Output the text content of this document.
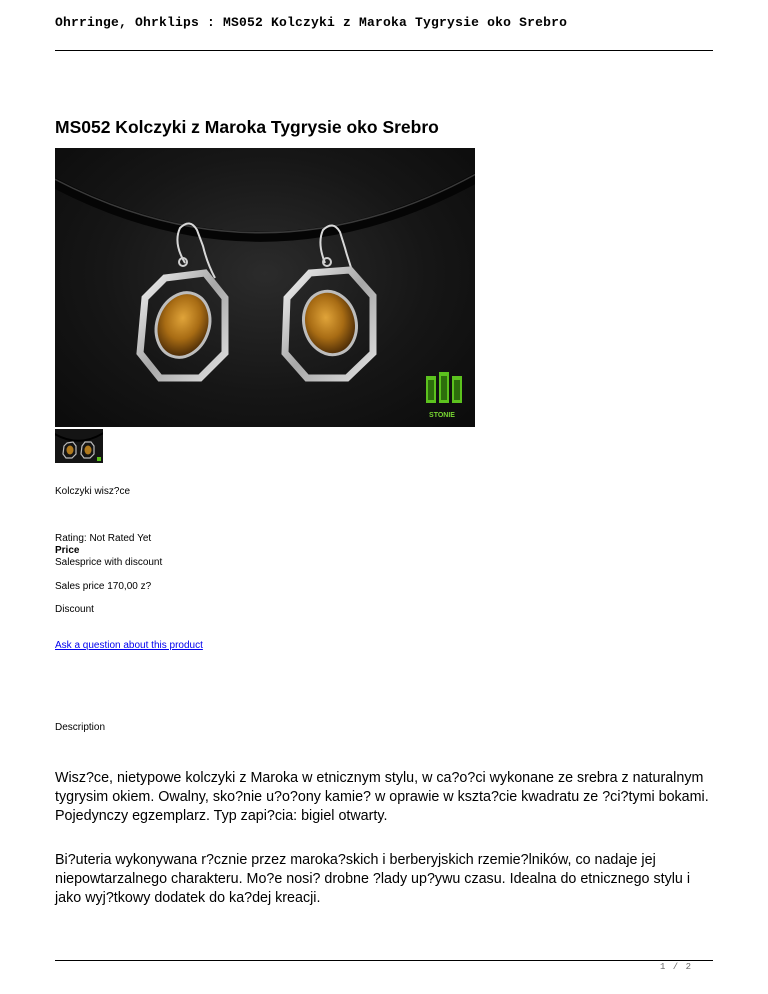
Ohrringe, Ohrklips : MS052 Kolczyki z Maroka Tygrysie oko Srebro
MS052 Kolczyki z Maroka Tygrysie oko Srebro
STONIE
Kolczyki wisz?ce
Rating: Not Rated Yet
Price
Salesprice with discount
Sales price 170,00 z?
Discount
Ask a question about this product
Description

Wisz?ce, nietypowe kolczyki z Maroka w etnicznym stylu, w ca?o?ci wykonane ze srebra z naturalnym tygrysim okiem. Owalny, sko?nie u?o?ony kamie? w oprawie w kszta?cie kwadratu ze ?ci?tymi bokami. Pojedynczy egzemplarz. Typ zapi?cia: bigiel otwarty.

Bi?uteria wykonywana r?cznie przez maroka?skich i berberyjskich rzemie?lników, co nadaje jej niepowtarzalnego charakteru. Mo?e nosi? drobne ?lady up?ywu czasu. Idealna do etnicznego stylu i jako wyj?tkowy dodatek do ka?dej kreacji.

1 / 2
